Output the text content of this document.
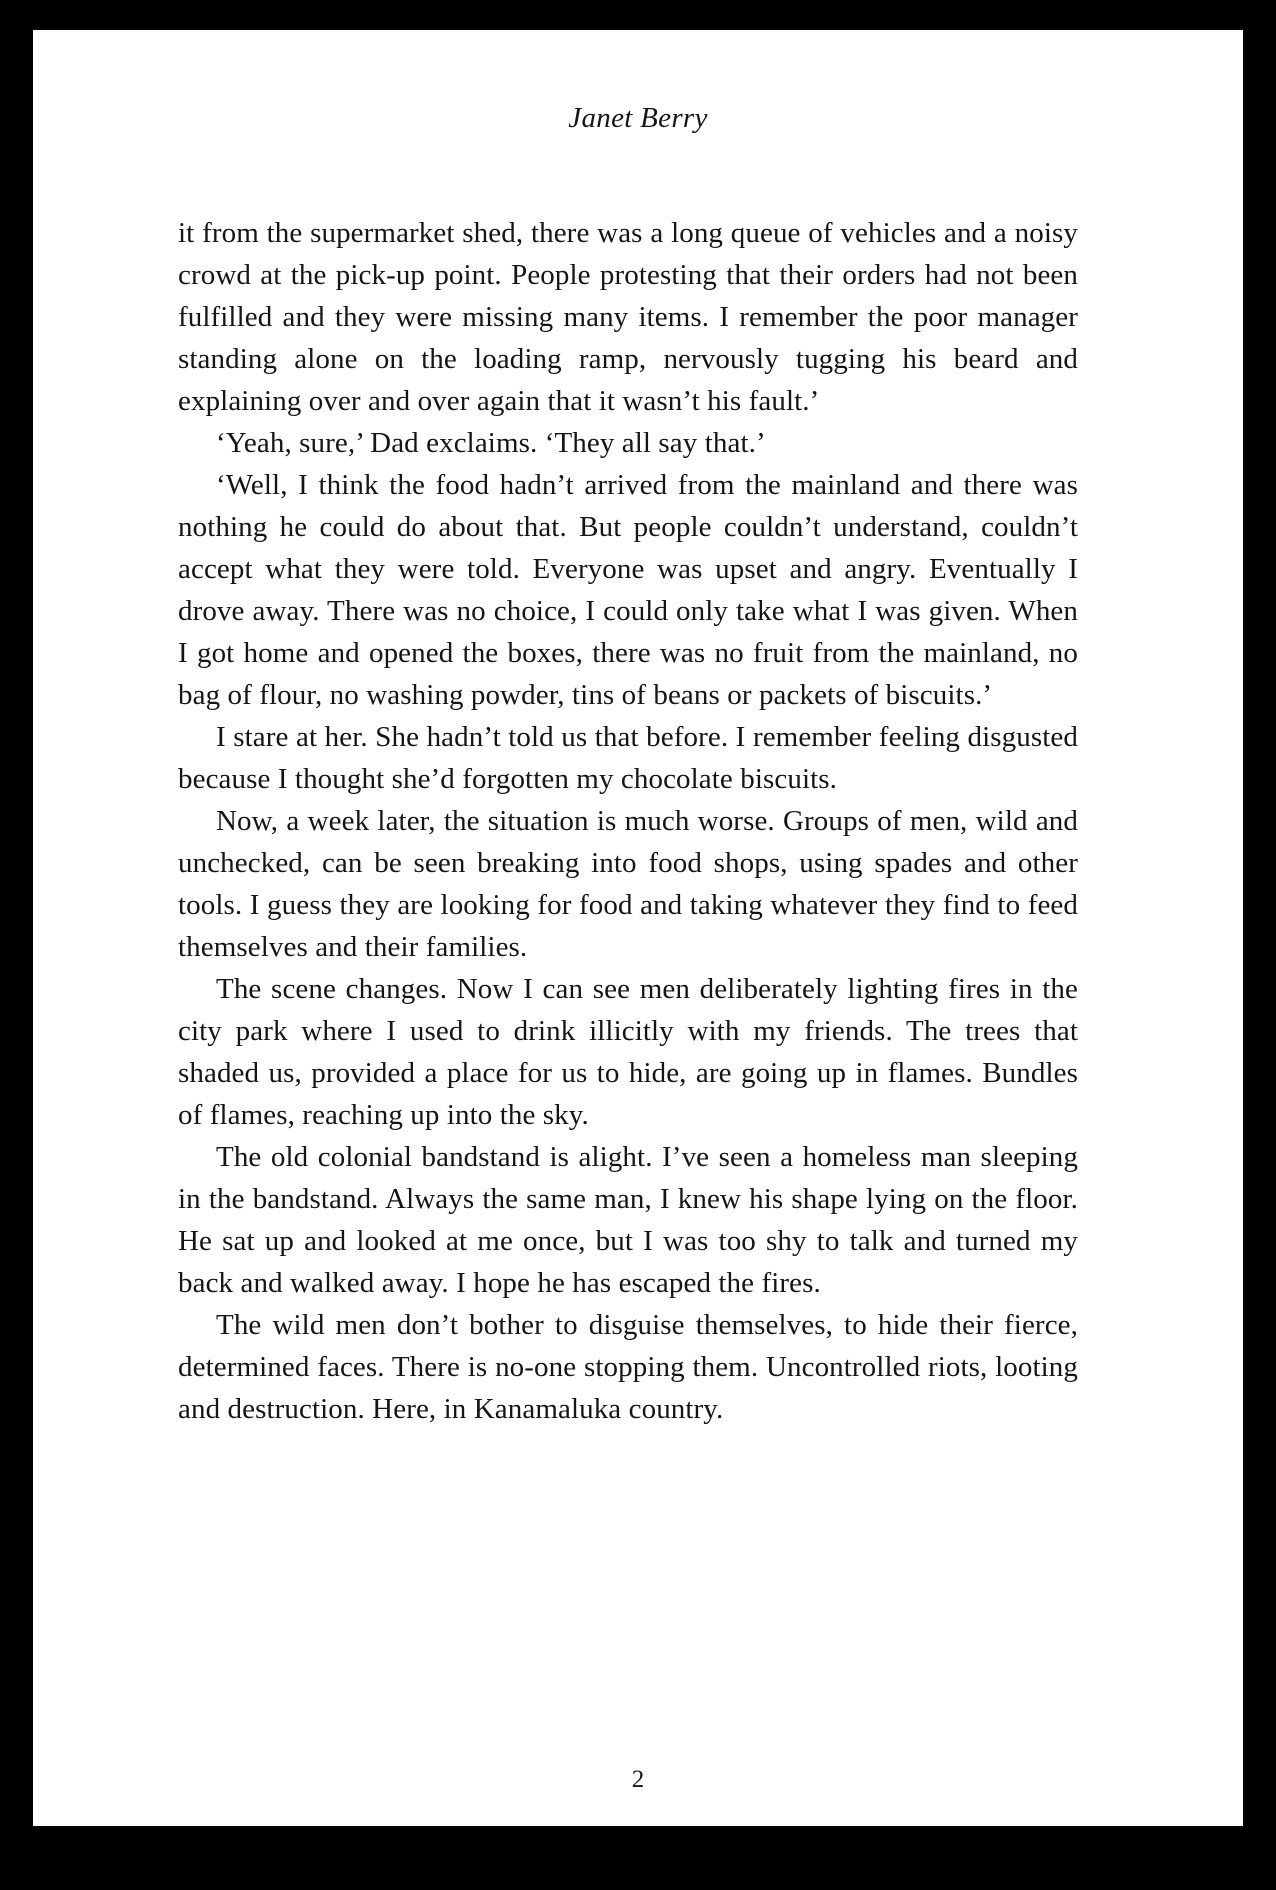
Janet Berry

it from the supermarket shed, there was a long queue of vehicles and a noisy crowd at the pick-up point. People protesting that their orders had not been fulfilled and they were missing many items. I remember the poor manager standing alone on the loading ramp, nervously tugging his beard and explaining over and over again that it wasn’t his fault.’

‘Yeah, sure,’ Dad exclaims. ‘They all say that.’

‘Well, I think the food hadn’t arrived from the mainland and there was nothing he could do about that. But people couldn’t understand, couldn’t accept what they were told. Everyone was upset and angry. Eventually I drove away. There was no choice, I could only take what I was given. When I got home and opened the boxes, there was no fruit from the mainland, no bag of flour, no washing powder, tins of beans or packets of biscuits.’

I stare at her. She hadn’t told us that before. I remember feeling disgusted because I thought she’d forgotten my chocolate biscuits.

Now, a week later, the situation is much worse. Groups of men, wild and unchecked, can be seen breaking into food shops, using spades and other tools. I guess they are looking for food and taking whatever they find to feed themselves and their families.

The scene changes. Now I can see men deliberately lighting fires in the city park where I used to drink illicitly with my friends. The trees that shaded us, provided a place for us to hide, are going up in flames. Bundles of flames, reaching up into the sky.

The old colonial bandstand is alight. I’ve seen a homeless man sleeping in the bandstand. Always the same man, I knew his shape lying on the floor. He sat up and looked at me once, but I was too shy to talk and turned my back and walked away. I hope he has escaped the fires.

The wild men don’t bother to disguise themselves, to hide their fierce, determined faces. There is no-one stopping them. Uncontrolled riots, looting and destruction. Here, in Kanamaluka country.

2
